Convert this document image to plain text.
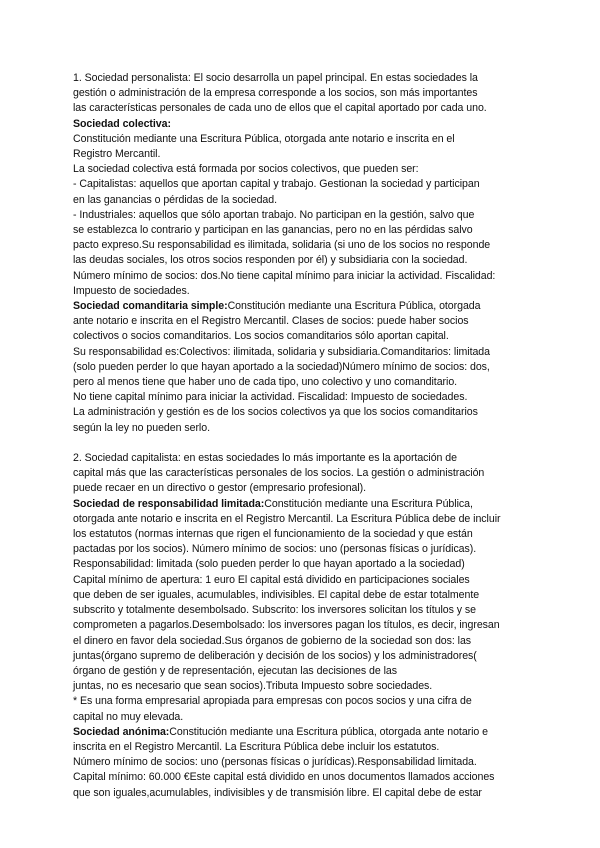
1. Sociedad personalista: El socio desarrolla un papel principal. En estas sociedades la
gestión o administración de la empresa corresponde a los socios, son más importantes
las características personales de cada uno de ellos que el capital aportado por cada uno.
Sociedad colectiva:
Constitución mediante una Escritura Pública, otorgada ante notario e inscrita en el
Registro Mercantil.
La sociedad colectiva está formada por socios colectivos, que pueden ser:
- Capitalistas: aquellos que aportan capital y trabajo. Gestionan la sociedad y participan
en las ganancias o pérdidas de la sociedad.
- Industriales: aquellos que sólo aportan trabajo. No participan en la gestión, salvo que
se establezca lo contrario y participan en las ganancias, pero no en las pérdidas salvo
pacto expreso.Su responsabilidad es ilimitada, solidaria (si uno de los socios no responde
las deudas sociales, los otros socios responden por él) y subsidiaria con la sociedad.
Número mínimo de socios: dos.No tiene capital mínimo para iniciar la actividad. Fiscalidad:
Impuesto de sociedades.
Sociedad comanditaria simple:Constitución mediante una Escritura Pública, otorgada
ante notario e inscrita en el Registro Mercantil. Clases de socios: puede haber socios
colectivos o socios comanditarios. Los socios comanditarios sólo aportan capital.
Su responsabilidad es:Colectivos: ilimitada, solidaria y subsidiaria.Comanditarios: limitada
(solo pueden perder lo que hayan aportado a la sociedad)Número mínimo de socios: dos,
pero al menos tiene que haber uno de cada tipo, uno colectivo y uno comanditario.
No tiene capital mínimo para iniciar la actividad. Fiscalidad: Impuesto de sociedades.
La administración y gestión es de los socios colectivos ya que los socios comanditarios
según la ley no pueden serlo.
2. Sociedad capitalista: en estas sociedades lo más importante es la aportación de
capital más que las características personales de los socios. La gestión o administración
puede recaer en un directivo o gestor (empresario profesional).
Sociedad de responsabilidad limitada:Constitución mediante una Escritura Pública,
otorgada ante notario e inscrita en el Registro Mercantil. La Escritura Pública debe de incluir
los estatutos (normas internas que rigen el funcionamiento de la sociedad y que están
pactadas por los socios). Número mínimo de socios: uno (personas físicas o jurídicas).
Responsabilidad: limitada (solo pueden perder lo que hayan aportado a la sociedad)
Capital mínimo de apertura: 1 euro El capital está dividido en participaciones sociales
que deben de ser iguales, acumulables, indivisibles. El capital debe de estar totalmente
subscrito y totalmente desembolsado. Subscrito: los inversores solicitan los títulos y se
comprometen a pagarlos.Desembolsado: los inversores pagan los títulos, es decir, ingresan
el dinero en favor dela sociedad.Sus órganos de gobierno de la sociedad son dos: las
juntas(órgano supremo de deliberación y decisión de los socios) y los administradores(
órgano de gestión y de representación, ejecutan las decisiones de las
juntas, no es necesario que sean socios).Tributa Impuesto sobre sociedades.
* Es una forma empresarial apropiada para empresas con pocos socios y una cifra de
capital no muy elevada.
Sociedad anónima:Constitución mediante una Escritura pública, otorgada ante notario e
inscrita en el Registro Mercantil. La Escritura Pública debe incluir los estatutos.
Número mínimo de socios: uno (personas físicas o jurídicas).Responsabilidad limitada.
Capital mínimo: 60.000 €Este capital está dividido en unos documentos llamados acciones
que son iguales,acumulables, indivisibles y de transmisión libre. El capital debe de estar
